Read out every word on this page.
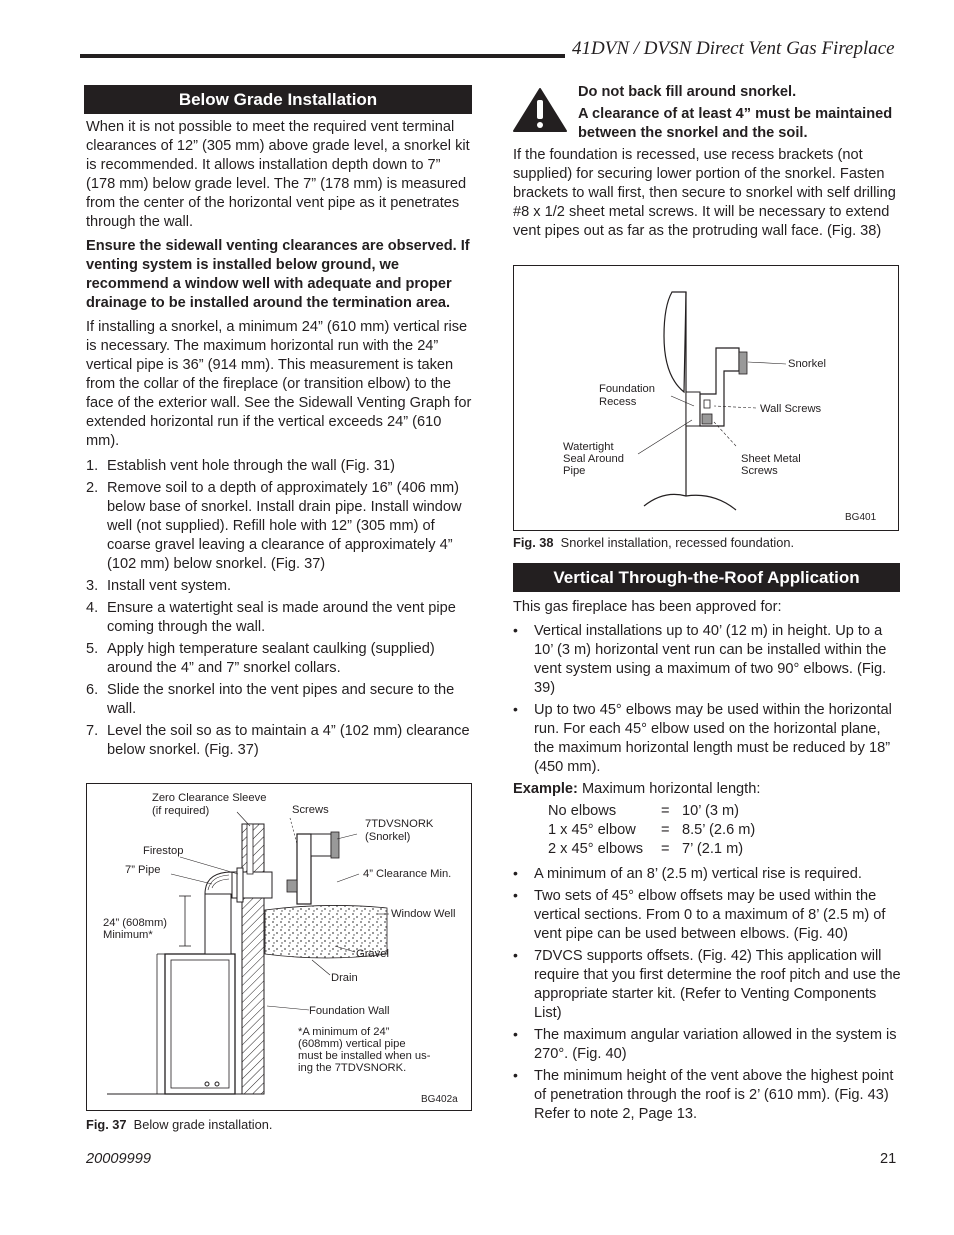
41DVN / DVSN Direct Vent Gas Fireplace
Below Grade Installation

When it is not possible to meet the required vent terminal clearances of 12” (305 mm) above grade level, a snorkel kit is recommended. It allows installation depth down to 7” (178 mm) below grade level. The 7” (178 mm) is measured from the center of the horizontal vent pipe as it penetrates through the wall.

Ensure the sidewall venting clearances are observed. If venting system is installed below ground, we recommend a window well with adequate and proper drainage to be installed around the termination area.

If installing a snorkel, a minimum 24” (610 mm) vertical rise is necessary. The maximum horizontal run with the 24” vertical pipe is 36” (914 mm). This measurement is taken from the collar of the fireplace (or transition elbow) to the face of the exterior wall. See the Sidewall Venting Graph for extended horizontal run if the vertical exceeds 24” (610 mm).

1. Establish vent hole through the wall (Fig. 31)
2. Remove soil to a depth of approximately 16” (406 mm) below base of snorkel. Install drain pipe. Install window well (not supplied). Refill hole with 12” (305 mm) of coarse gravel leaving a clearance of approximately 4” (102 mm) below snorkel. (Fig. 37)
3. Install vent system.
4. Ensure a watertight seal is made around the vent pipe coming through the wall.
5. Apply high temperature sealant caulking (supplied) around the 4” and 7” snorkel collars.
6. Slide the snorkel into the vent pipes and secure to the wall.
7. Level the soil so as to maintain a 4” (102 mm) clearance below snorkel. (Fig. 37)
Zero Clearance Sleeve
(if required)	Screws
7TDVSNORK
(Snorkel)
Firestop
7” Pipe	4” Clearance Min.
Window Well
24” (608mm)
Minimum*
Gravel
Drain
Foundation Wall
*A minimum of 24”
(608mm) vertical pipe
must be installed when us-
ing the 7TDVSNORK.
BG402a
Fig. 37 Below grade installation.

Do not back fill around snorkel.

A clearance of at least 4” must be maintained between the snorkel and the soil.

If the foundation is recessed, use recess brackets (not supplied) for securing lower portion of the snorkel. Fasten brackets to wall first, then secure to snorkel with self drilling #8 x 1/2 sheet metal screws. It will be necessary to extend vent pipes out as far as the protruding wall face. (Fig. 38)

Snorkel
Foundation
Recess
Wall Screws
Watertight
Seal Around
Pipe
Sheet Metal
Screws
BG401
Fig. 38 Snorkel installation, recessed foundation.
Vertical Through-the-Roof Application

This gas fireplace has been approved for:

• Vertical installations up to 40’ (12 m) in height. Up to a 10’ (3 m) horizontal vent run can be installed within the vent system using a maximum of two 90° elbows. (Fig. 39)
• Up to two 45° elbows may be used within the horizontal run. For each 45° elbow used on the horizontal plane, the maximum horizontal length must be reduced by 18” (450 mm).

Example: Maximum horizontal length:

No elbows	= 10’ (3 m)
1 x 45° elbow	= 8.5’ (2.6 m)
2 x 45° elbows	= 7’ (2.1 m)
• A minimum of an 8’ (2.5 m) vertical rise is required.
• Two sets of 45° elbow offsets may be used within the vertical sections. From 0 to a maximum of 8’ (2.5 m) of vent pipe can be used between elbows. (Fig. 40)
• 7DVCS supports offsets. (Fig. 42) This application will require that you first determine the roof pitch and use the appropriate starter kit. (Refer to Venting Components List)
• The maximum angular variation allowed in the system is 270°. (Fig. 40)
• The minimum height of the vent above the highest point of penetration through the roof is 2’ (610 mm). (Fig. 43) Refer to note 2, Page 13.
20009999	21
